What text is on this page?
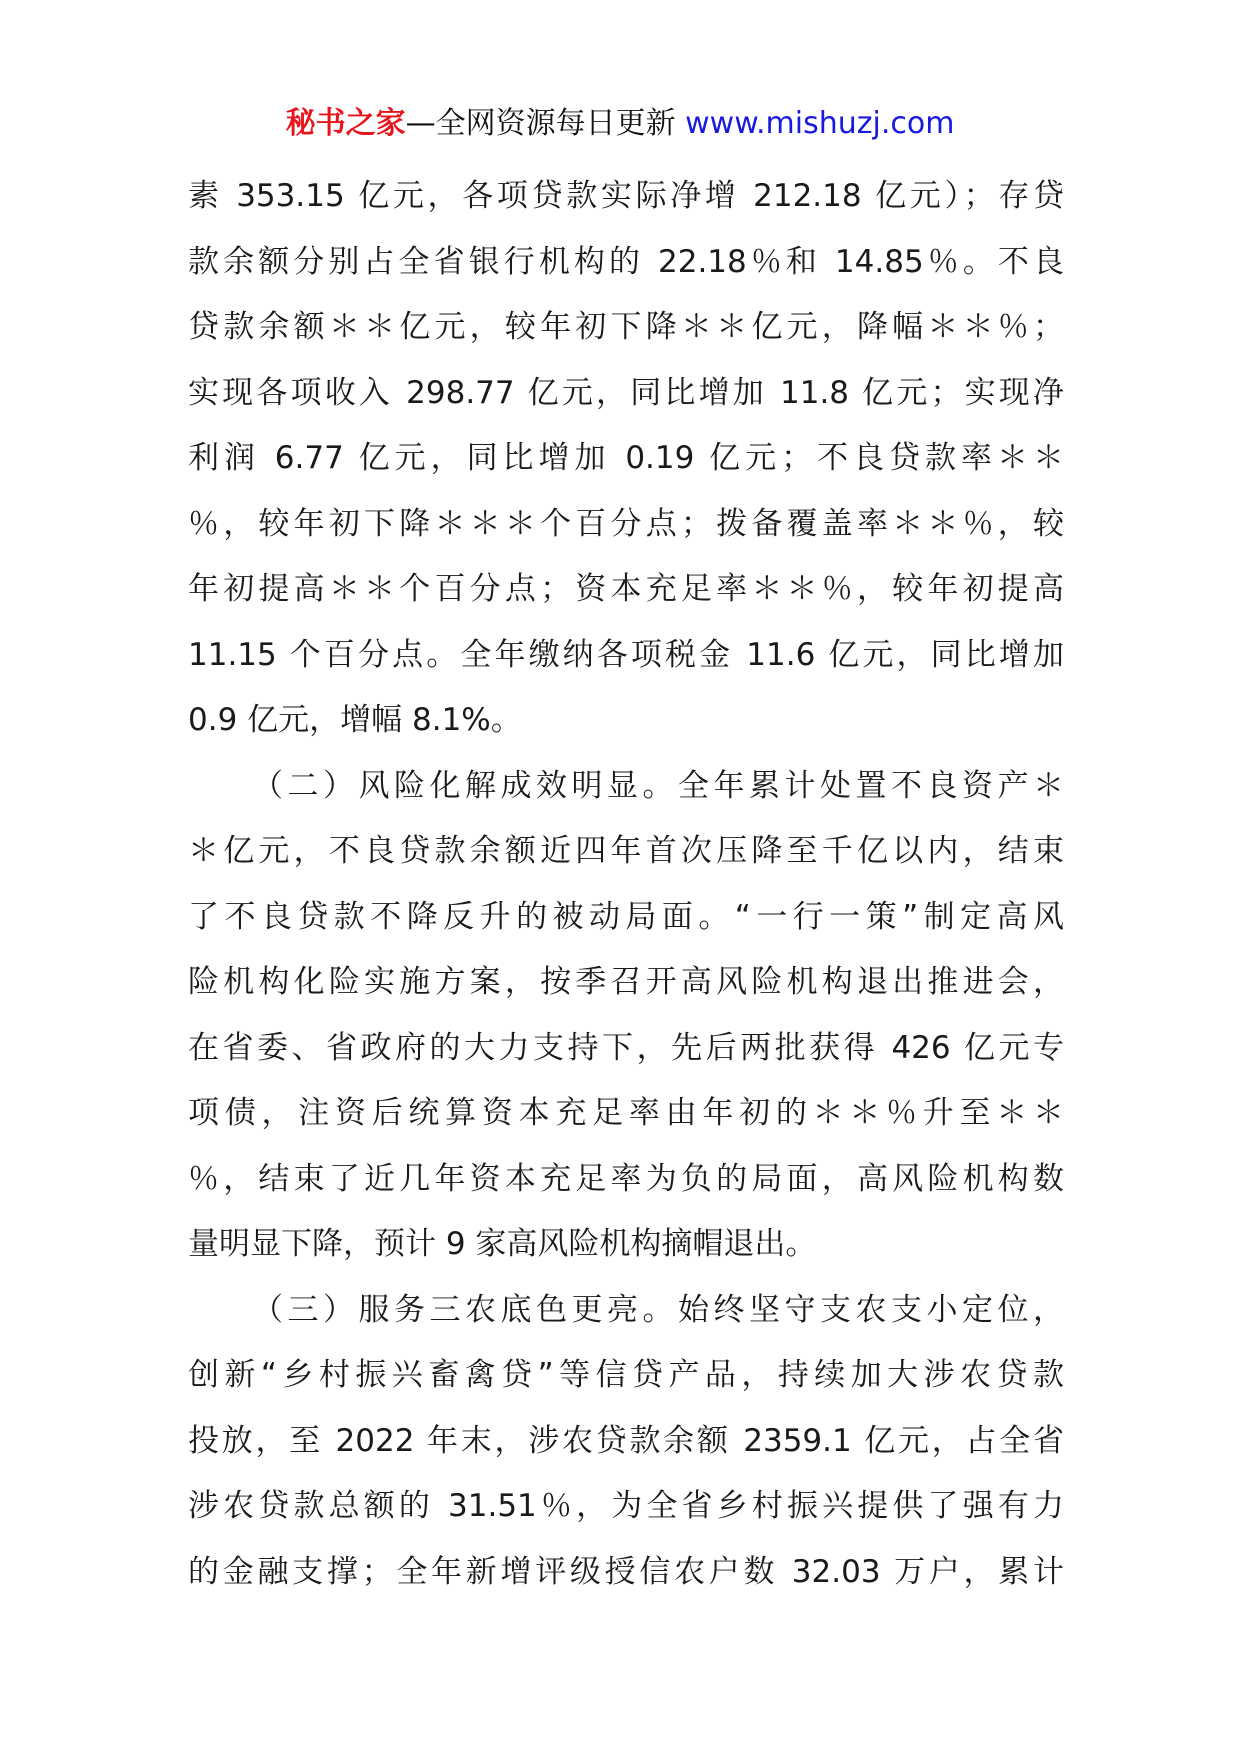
秘书之家—全网资源每日更新 www.mishuzj.com
素 353.15 亿元，各项贷款实际净增 212.18 亿元）；存贷
款余额分别占全省银行机构的 22.18％和 14.85％。不良
贷款余额＊＊亿元，较年初下降＊＊亿元，降幅＊＊％；
实现各项收入 298.77 亿元，同比增加 11.8 亿元；实现净
利润 6.77 亿元，同比增加 0.19 亿元；不良贷款率＊＊
％，较年初下降＊＊＊个百分点；拨备覆盖率＊＊％，较
年初提高＊＊个百分点；资本充足率＊＊％，较年初提高
11.15 个百分点。全年缴纳各项税金 11.6 亿元，同比增加
0.9 亿元，增幅 8.1%。
（二）风险化解成效明显。全年累计处置不良资产＊
＊亿元，不良贷款余额近四年首次压降至千亿以内，结束
了不良贷款不降反升的被动局面。“一行一策”制定高风
险机构化险实施方案，按季召开高风险机构退出推进会，
在省委、省政府的大力支持下，先后两批获得 426 亿元专
项债，注资后统算资本充足率由年初的＊＊％升至＊＊
％，结束了近几年资本充足率为负的局面，高风险机构数
量明显下降，预计 9 家高风险机构摘帽退出。
（三）服务三农底色更亮。始终坚守支农支小定位，
创新“乡村振兴畜禽贷”等信贷产品，持续加大涉农贷款
投放，至 2022 年末，涉农贷款余额 2359.1 亿元，占全省
涉农贷款总额的 31.51％，为全省乡村振兴提供了强有力
的金融支撑；全年新增评级授信农户数 32.03 万户，累计
